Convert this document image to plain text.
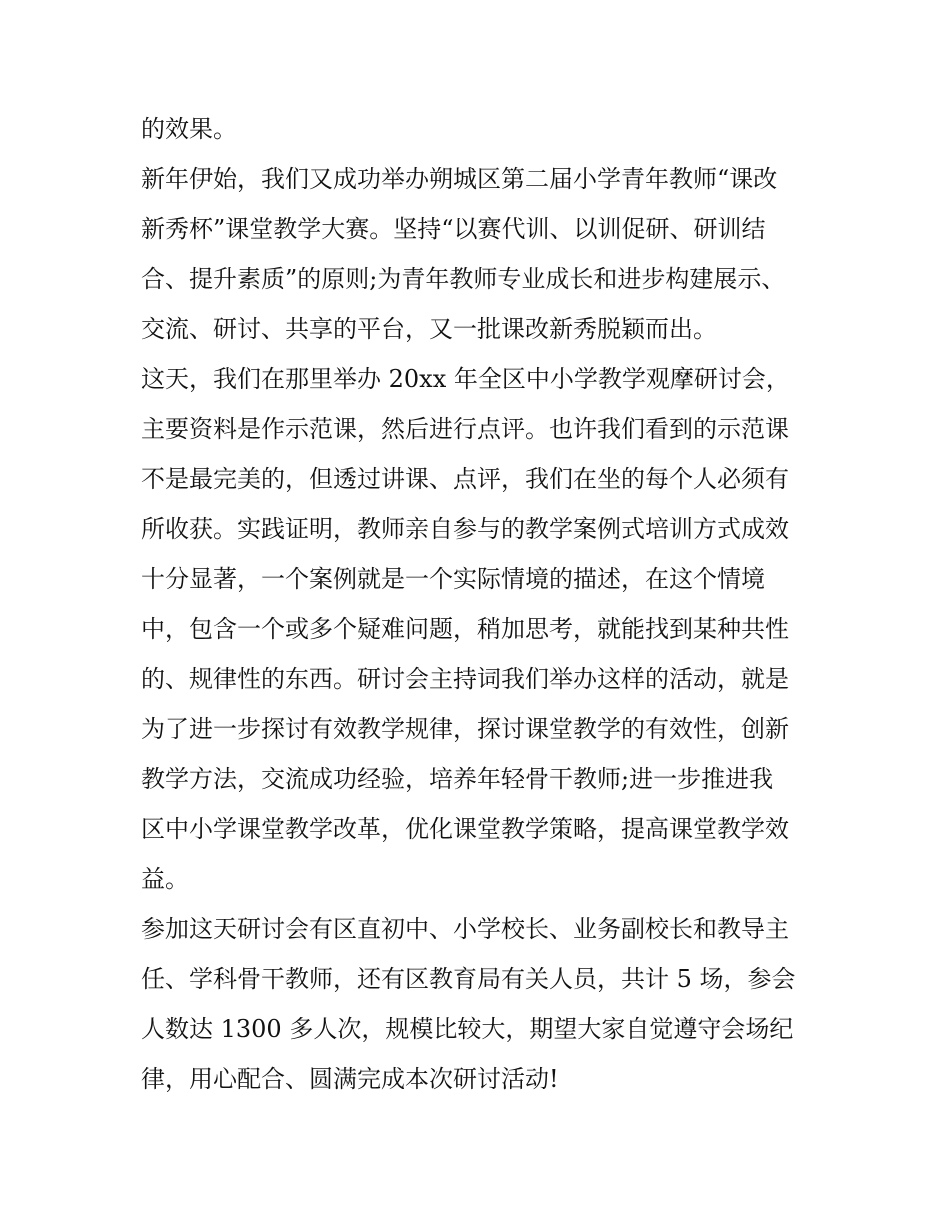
的效果。
新年伊始，我们又成功举办朔城区第二届小学青年教师“课改
新秀杯”课堂教学大赛。坚持“以赛代训、以训促研、研训结
合、提升素质”的原则;为青年教师专业成长和进步构建展示、
交流、研讨、共享的平台，又一批课改新秀脱颖而出。
这天，我们在那里举办 20xx 年全区中小学教学观摩研讨会，
主要资料是作示范课，然后进行点评。也许我们看到的示范课
不是最完美的，但透过讲课、点评，我们在坐的每个人必须有
所收获。实践证明，教师亲自参与的教学案例式培训方式成效
十分显著，一个案例就是一个实际情境的描述，在这个情境
中，包含一个或多个疑难问题，稍加思考，就能找到某种共性
的、规律性的东西。研讨会主持词我们举办这样的活动，就是
为了进一步探讨有效教学规律，探讨课堂教学的有效性，创新
教学方法，交流成功经验，培养年轻骨干教师;进一步推进我
区中小学课堂教学改革，优化课堂教学策略，提高课堂教学效
益。
参加这天研讨会有区直初中、小学校长、业务副校长和教导主
任、学科骨干教师，还有区教育局有关人员，共计 5 场，参会
人数达 1300 多人次，规模比较大，期望大家自觉遵守会场纪
律，用心配合、圆满完成本次研讨活动!
